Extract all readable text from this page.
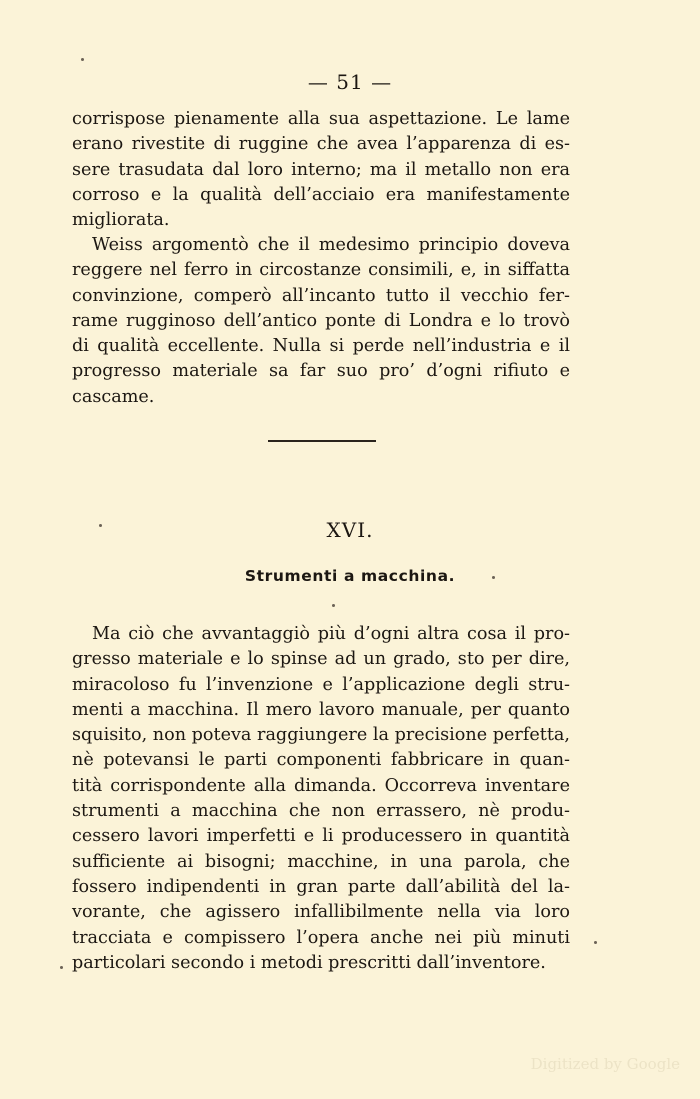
— 51 —

corrispose pienamente alla sua aspettazione. Le lame
erano rivestite di ruggine che avea l’apparenza di es-
sere trasudata dal loro interno; ma il metallo non era
corroso e la qualità dell’acciaio era manifestamente
migliorata.

Weiss argomentò che il medesimo principio doveva
reggere nel ferro in circostanze consimili, e, in siffatta
convinzione, comperò all’incanto tutto il vecchio fer-
rame rugginoso dell’antico ponte di Londra e lo trovò
di qualità eccellente. Nulla si perde nell’industria e il
progresso materiale sa far suo pro’ d’ogni rifiuto e
cascame.

XVI.
Strumenti a macchina.

Ma ciò che avvantaggiò più d’ogni altra cosa il pro-
gresso materiale e lo spinse ad un grado, sto per dire,
miracoloso fu l’invenzione e l’applicazione degli stru-
menti a macchina. Il mero lavoro manuale, per quanto
squisito, non poteva raggiungere la precisione perfetta,
nè potevansi le parti componenti fabbricare in quan-
tità corrispondente alla dimanda. Occorreva inventare
strumenti a macchina che non errassero, nè produ-
cessero lavori imperfetti e li producessero in quantità
sufficiente ai bisogni; macchine, in una parola, che
fossero indipendenti in gran parte dall’abilità del la-
vorante, che agissero infallibilmente nella via loro
tracciata e compissero l’opera anche nei più minuti
particolari secondo i metodi prescritti dall’inventore.

Digitized by Google
